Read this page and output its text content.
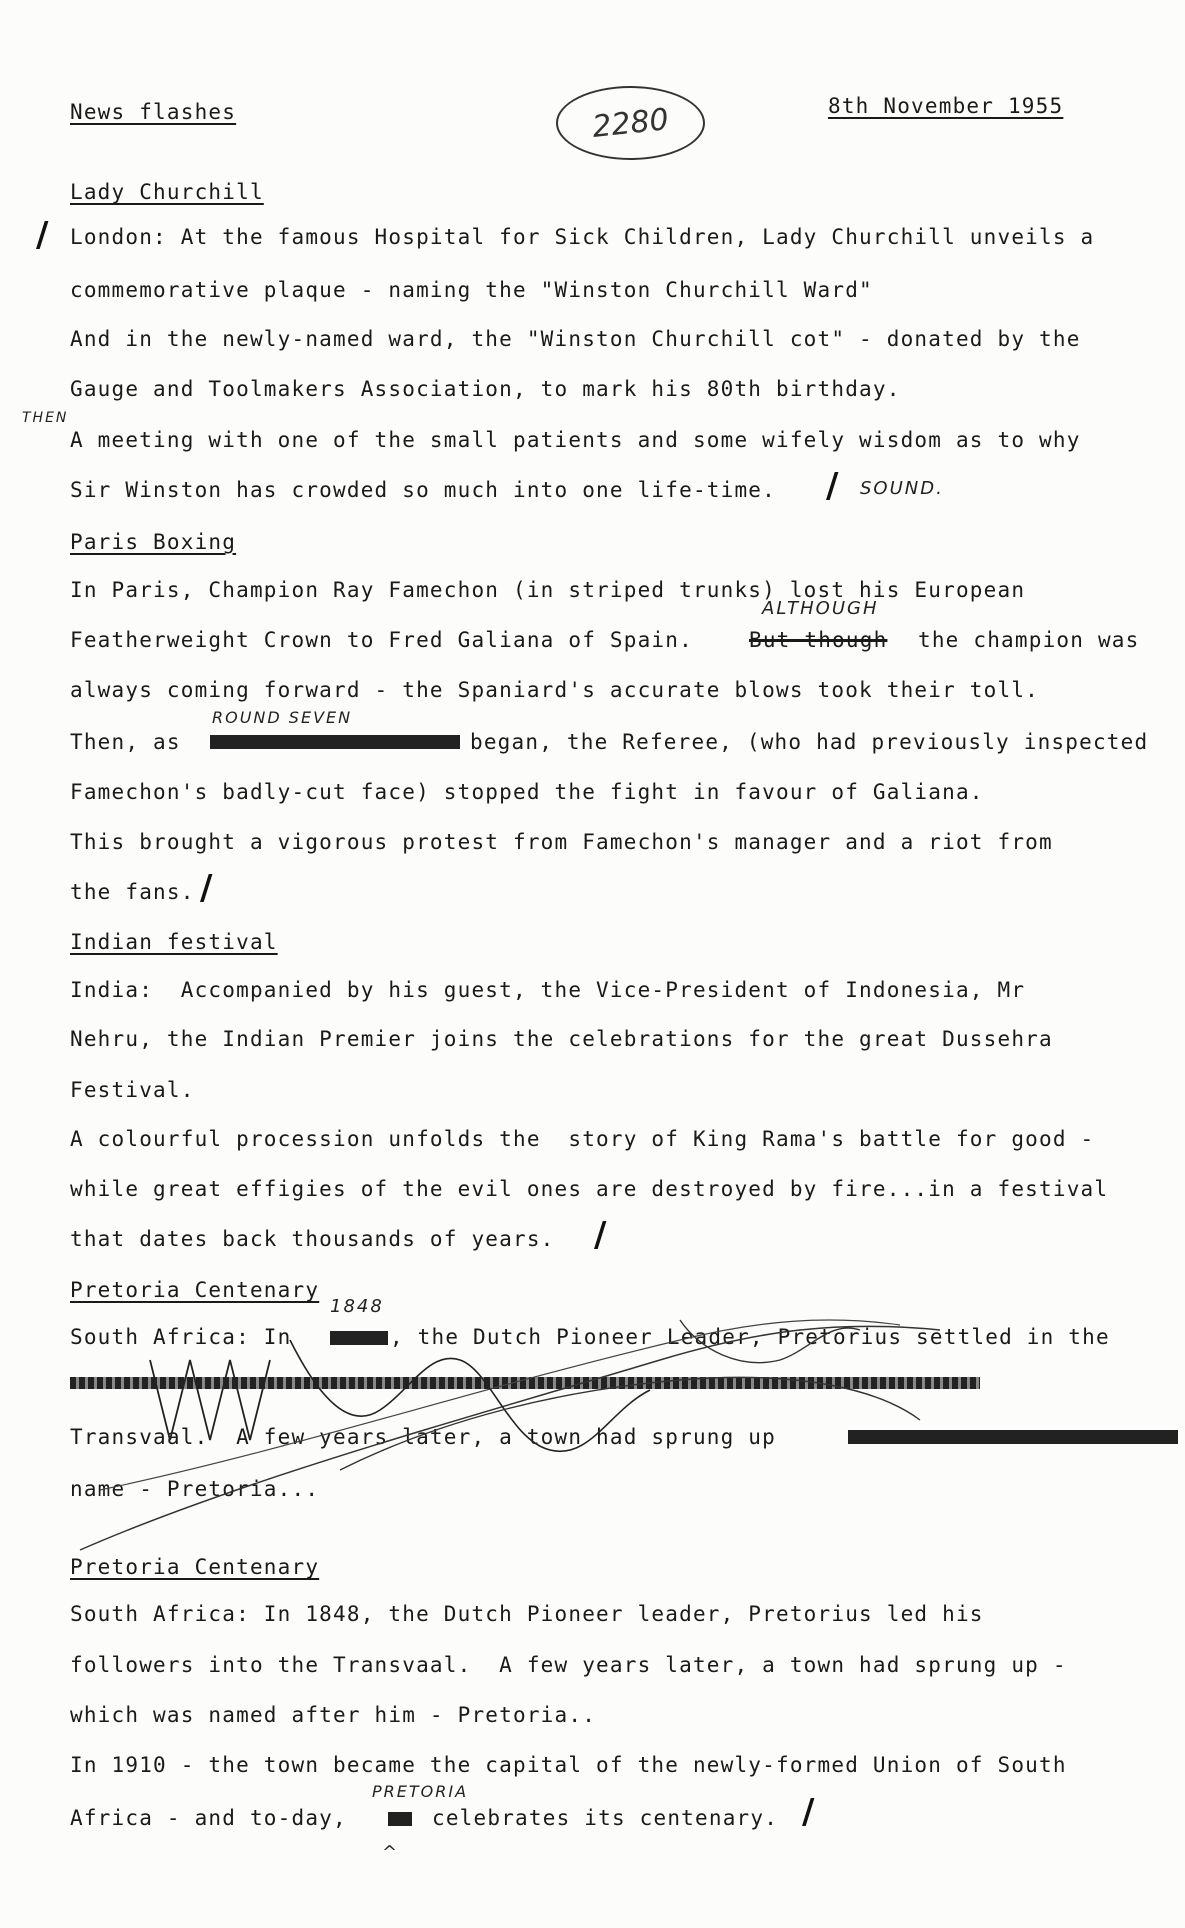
News flashes	2280	8th November 1955
Lady Churchill
/ London: At the famous Hospital for Sick Children, Lady Churchill unveils a
commemorative plaque - naming the "Winston Churchill Ward"
And in the newly-named ward, the "Winston Churchill cot" - donated by the
Gauge and Toolmakers Association, to mark his 80th birthday.
THEN
A meeting with one of the small patients and some wifely wisdom as to why
Sir Winston has crowded so much into one life-time. / SOUND.
Paris Boxing
In Paris, Champion Ray Famechon (in striped trunks) lost his European
ALTHOUGH
Featherweight Crown to Fred Galiana of Spain.	But though the champion was
always coming forward - the Spaniard's accurate blows took their toll.
ROUND SEVEN
Then, as	began, the Referee, (who had previously inspected
Famechon's badly-cut face) stopped the fight in favour of Galiana.
This brought a vigorous protest from Famechon's manager and a riot from
the fans. /
Indian festival
India:  Accompanied by his guest, the Vice-President of Indonesia, Mr
Nehru, the Indian Premier joins the celebrations for the great Dussehra
Festival.
A colourful procession unfolds the  story of King Rama's battle for good -
while great effigies of the evil ones are destroyed by fire...in a festival
that dates back thousands of years. /
Pretoria Centenary
1848
South Africa: In	, the Dutch Pioneer Leader, Pretorius settled in the
Transvaal.  A few years later, a town had sprung up
name - Pretoria...
Pretoria Centenary
South Africa: In 1848, the Dutch Pioneer leader, Pretorius led his
followers into the Transvaal.  A few years later, a town had sprung up -
which was named after him - Pretoria..
In 1910 - the town became the capital of the newly-formed Union of South
PRETORIA
Africa - and to-day,	celebrates its centenary. /
^
